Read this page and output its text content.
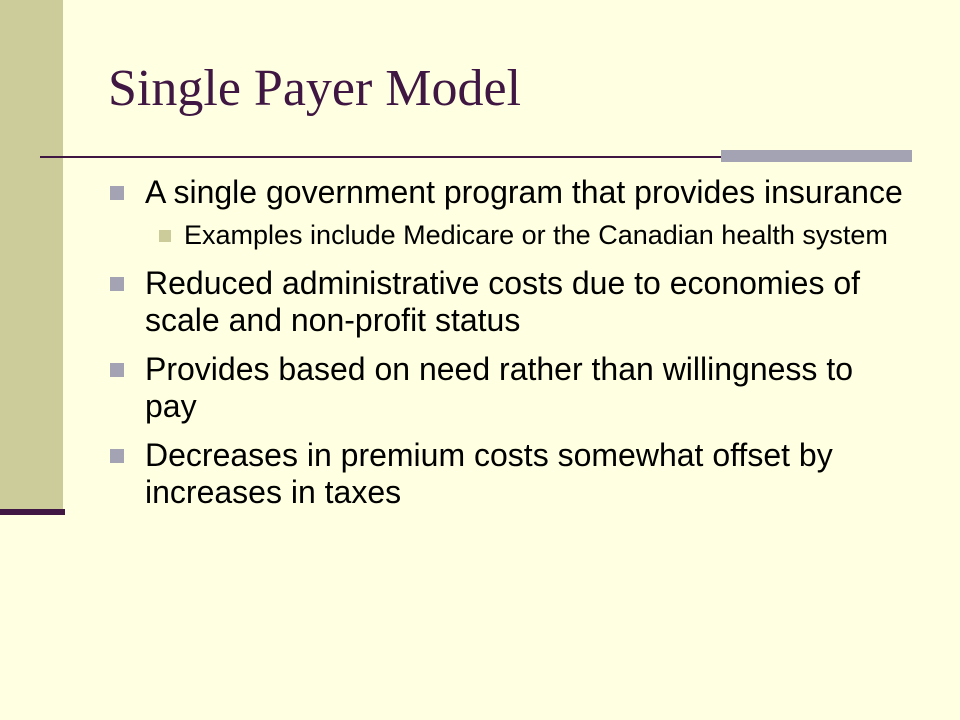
Single Payer Model
A single government program that provides insurance
Examples include Medicare or the Canadian health system
Reduced administrative costs due to economies of scale and non-profit status
Provides based on need rather than willingness to pay
Decreases in premium costs somewhat offset by increases in taxes
